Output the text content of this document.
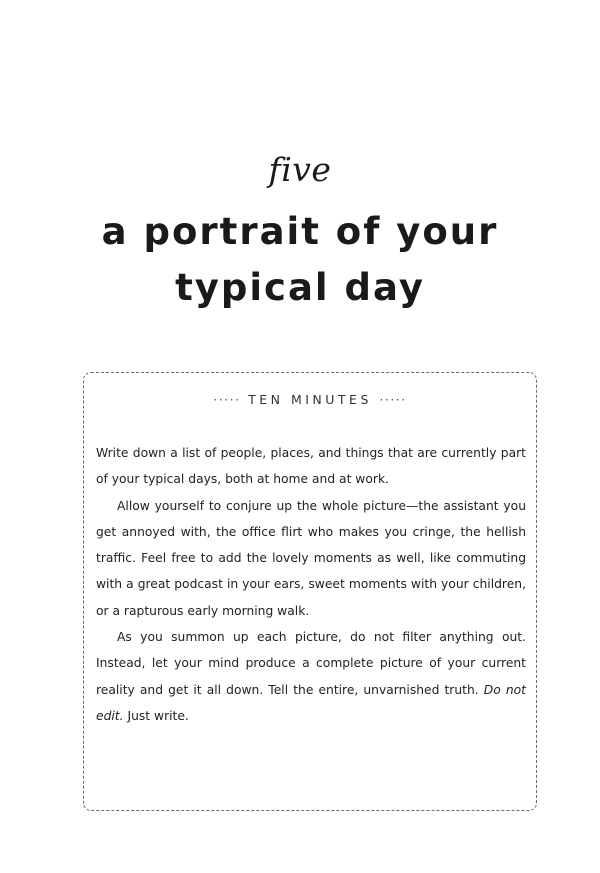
five
a portrait of your
typical day
····· TEN MINUTES ·····

Write down a list of people, places, and things that are currently part of your typical days, both at home and at work.

Allow yourself to conjure up the whole picture—the assistant you get annoyed with, the office flirt who makes you cringe, the hellish traffic. Feel free to add the lovely moments as well, like commuting with a great podcast in your ears, sweet moments with your children, or a rapturous early morning walk.

As you summon up each picture, do not filter anything out. Instead, let your mind produce a complete picture of your current reality and get it all down. Tell the entire, unvarnished truth. Do not edit. Just write.
